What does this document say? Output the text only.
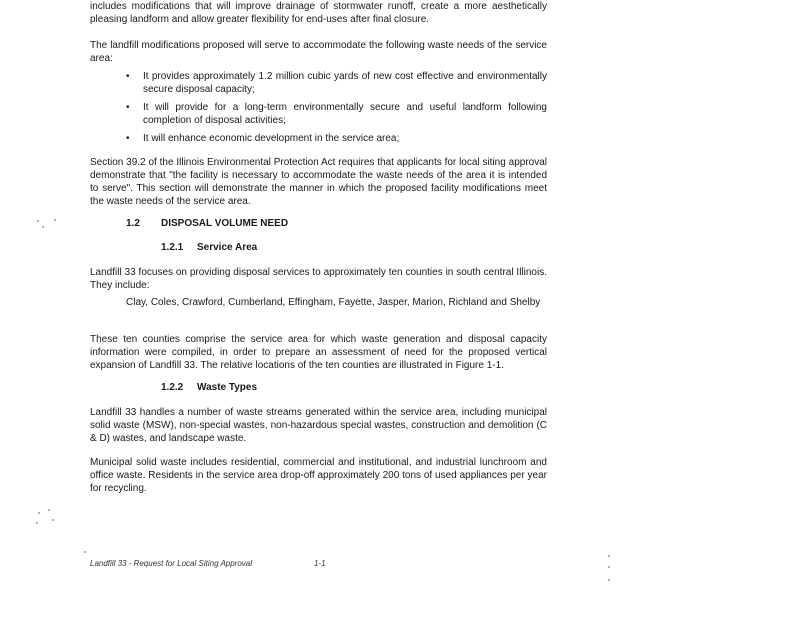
includes modifications that will improve drainage of stormwater runoff, create a more aesthetically pleasing landform and allow greater flexibility for end-uses after final closure.
The landfill modifications proposed will serve to accommodate the following waste needs of the service area:
• It provides approximately 1.2 million cubic yards of new cost effective and environmentally secure disposal capacity;
• It will provide for a long-term environmentally secure and useful landform following completion of disposal activities;
• It will enhance economic development in the service area;
Section 39.2 of the Illinois Environmental Protection Act requires that applicants for local siting approval demonstrate that "the facility is necessary to accommodate the waste needs of the area it is intended to serve". This section will demonstrate the manner in which the proposed facility modifications meet the waste needs of the service area.
1.2 DISPOSAL VOLUME NEED
1.2.1 Service Area
Landfill 33 focuses on providing disposal services to approximately ten counties in south central Illinois. They include:
Clay, Coles, Crawford, Cumberland, Effingham, Fayette, Jasper, Marion, Richland and Shelby
These ten counties comprise the service area for which waste generation and disposal capacity information were compiled, in order to prepare an assessment of need for the proposed vertical expansion of Landfill 33. The relative locations of the ten counties are illustrated in Figure 1-1.
1.2.2 Waste Types
Landfill 33 handles a number of waste streams generated within the service area, including municipal solid waste (MSW), non-special wastes, non-hazardous special wastes, construction and demolition (C & D) wastes, and landscape waste.
Municipal solid waste includes residential, commercial and institutional, and industrial lunchroom and office waste. Residents in the service area drop-off approximately 200 tons of used appliances per year for recycling.
Landfill 33 - Request for Local Siting Approval	1-1
